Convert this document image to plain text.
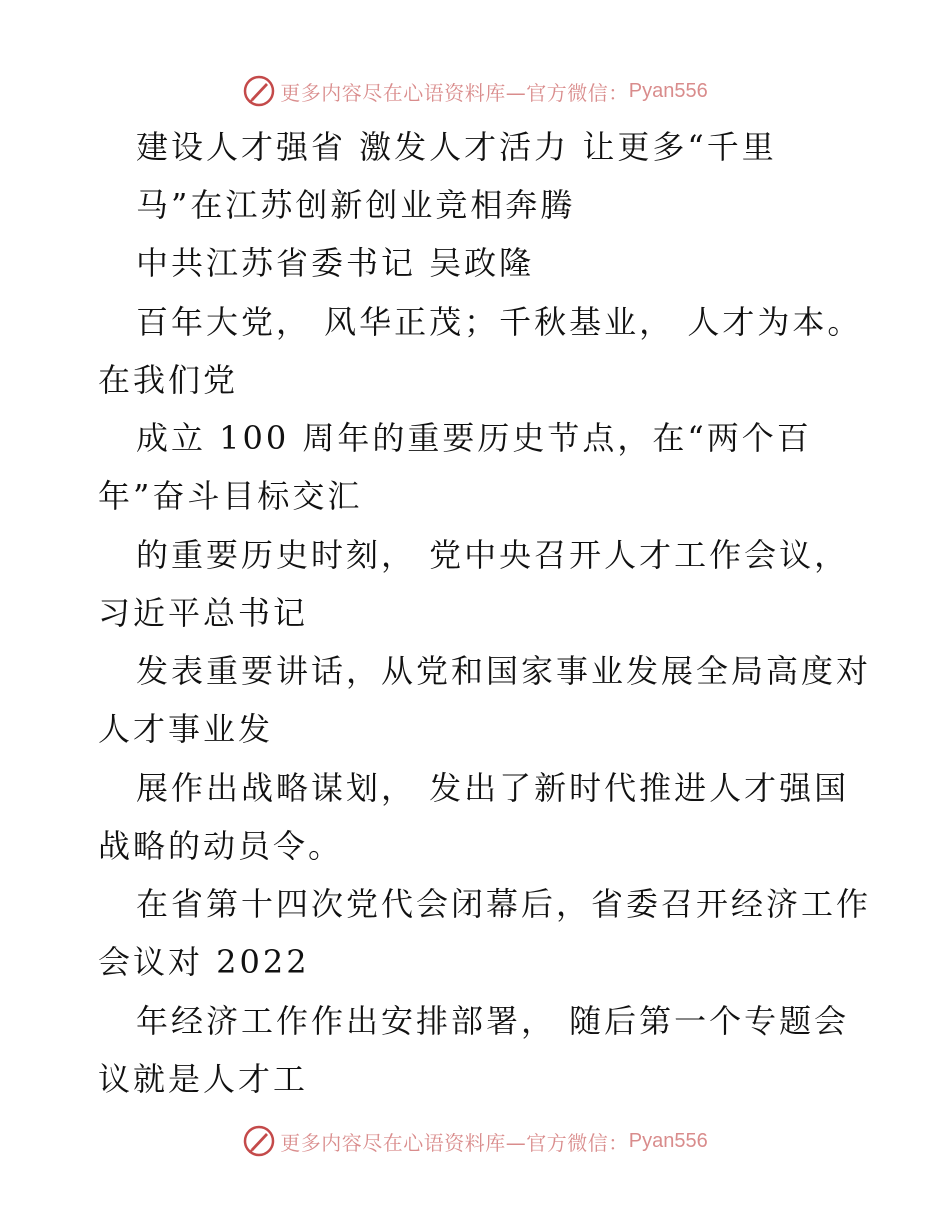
更多内容尽在心语资料库—官方微信： Pyan556
建设人才强省 激发人才活力 让更多“千里
马”在江苏创新创业竞相奔腾
中共江苏省委书记 吴政隆
百年大党， 风华正茂；千秋基业， 人才为本。
在我们党
成立 100 周年的重要历史节点，在“两个百
年”奋斗目标交汇
的重要历史时刻， 党中央召开人才工作会议，
习近平总书记
发表重要讲话，从党和国家事业发展全局高度对
人才事业发
展作出战略谋划， 发出了新时代推进人才强国
战略的动员令。
在省第十四次党代会闭幕后，省委召开经济工作
会议对 2022
年经济工作作出安排部署， 随后第一个专题会
议就是人才工
更多内容尽在心语资料库—官方微信： Pyan556
